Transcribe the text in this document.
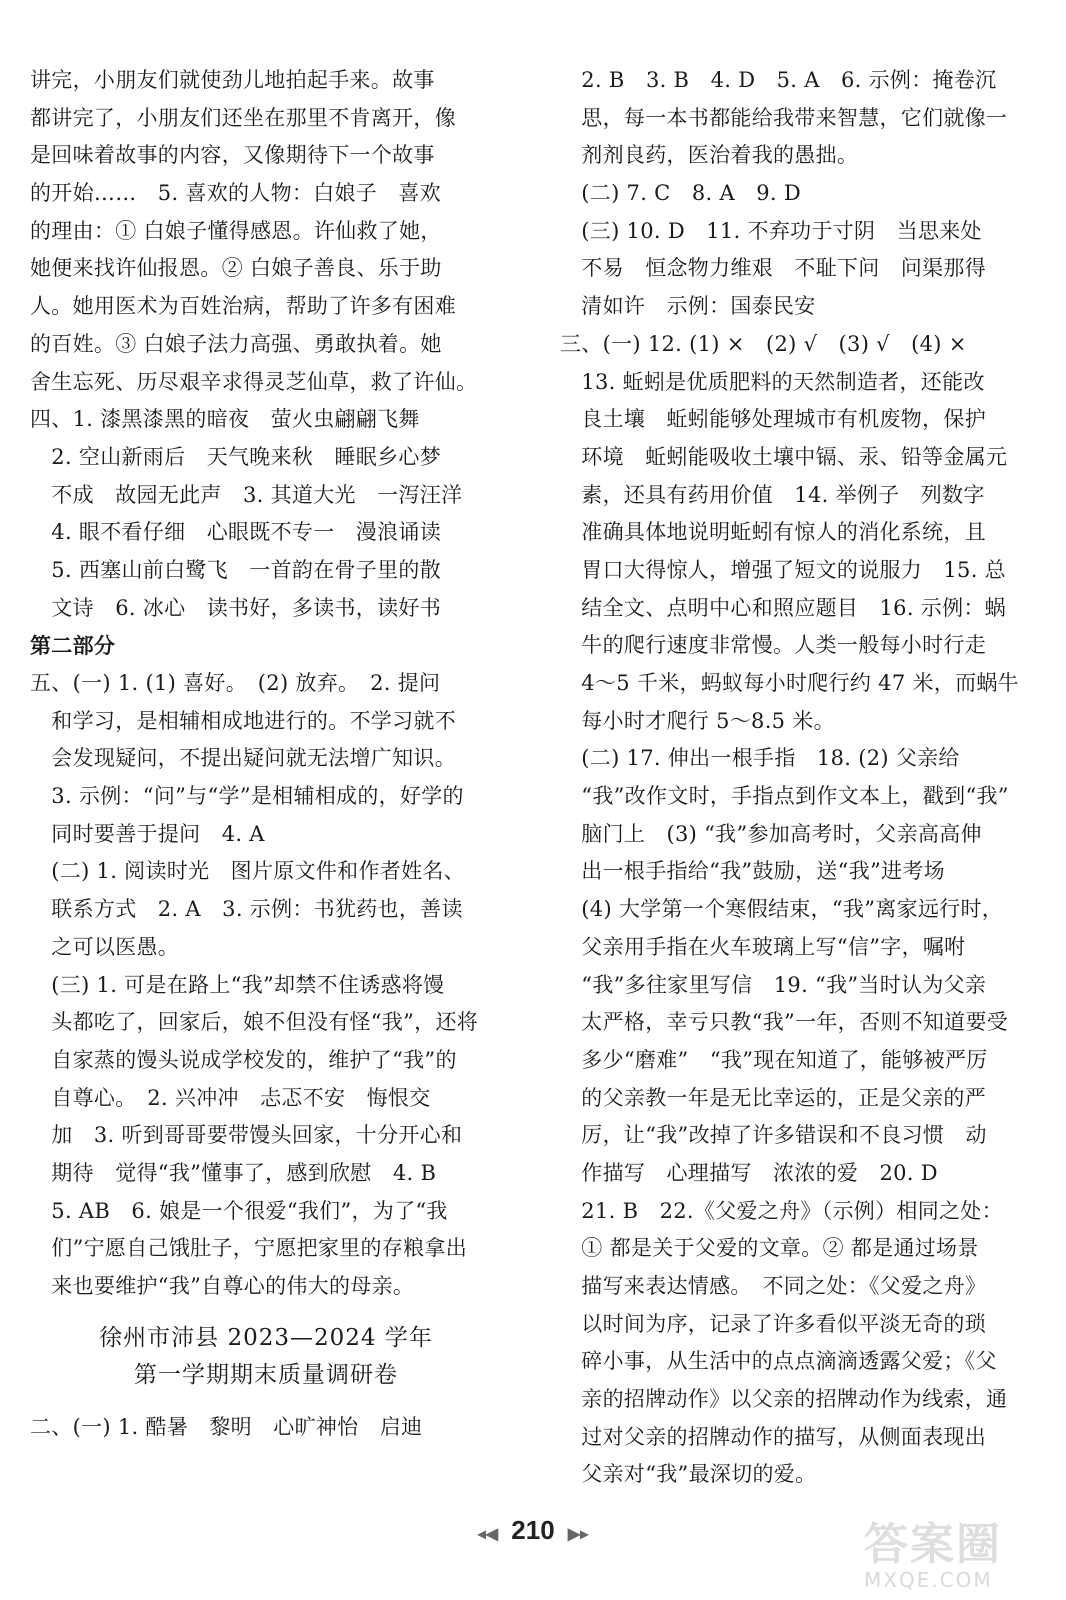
讲完，小朋友们就使劲儿地拍起手来。故事
都讲完了，小朋友们还坐在那里不肯离开，像
是回味着故事的内容，又像期待下一个故事
的开始……　5. 喜欢的人物：白娘子　喜欢
的理由：① 白娘子懂得感恩。许仙救了她，
她便来找许仙报恩。② 白娘子善良、乐于助
人。她用医术为百姓治病，帮助了许多有困难
的百姓。③ 白娘子法力高强、勇敢执着。她
舍生忘死、历尽艰辛求得灵芝仙草，救了许仙。
四、1. 漆黑漆黑的暗夜　萤火虫翩翩飞舞
　2. 空山新雨后　天气晚来秋　睡眠乡心梦
　不成　故园无此声　3. 其道大光　一泻汪洋
　4. 眼不看仔细　心眼既不专一　漫浪诵读
　5. 西塞山前白鹭飞　一首韵在骨子里的散
　文诗　6. 冰心　读书好，多读书，读好书
第二部分
五、(一) 1. (1) 喜好。　(2) 放弃。　2. 提问
　和学习，是相辅相成地进行的。不学习就不
　会发现疑问，不提出疑问就无法增广知识。
　3. 示例：“问”与“学”是相辅相成的，好学的
　同时要善于提问　4. A
　(二) 1. 阅读时光　图片原文件和作者姓名、
　联系方式　2. A　3. 示例：书犹药也，善读
　之可以医愚。
　(三) 1. 可是在路上“我”却禁不住诱惑将馒
　头都吃了，回家后，娘不但没有怪“我”，还将
　自家蒸的馒头说成学校发的，维护了“我”的
　自尊心。　2. 兴冲冲　忐忑不安　悔恨交
　加　3. 听到哥哥要带馒头回家，十分开心和
　期待　觉得“我”懂事了，感到欣慰　4. B
　5. AB　6. 娘是一个很爱“我们”，为了“我
　们”宁愿自己饿肚子，宁愿把家里的存粮拿出
　来也要维护“我”自尊心的伟大的母亲。
徐州市沛县 2023—2024 学年
第一学期期末质量调研卷
二、(一) 1. 酷暑　黎明　心旷神怡　启迪
　2. B　3. B　4. D　5. A　6. 示例：掩卷沉
　思，每一本书都能给我带来智慧，它们就像一
　剂剂良药，医治着我的愚拙。
　(二) 7. C　8. A　9. D
　(三) 10. D　11. 不弃功于寸阴　当思来处
　不易　恒念物力维艰　不耻下问　问渠那得
　清如许　示例：国泰民安
三、(一) 12. (1) ×　(2) √　(3) √　(4) ×
　13. 蚯蚓是优质肥料的天然制造者，还能改
　良土壤　蚯蚓能够处理城市有机废物，保护
　环境　蚯蚓能吸收土壤中镉、汞、铅等金属元
　素，还具有药用价值　14. 举例子　列数字
　准确具体地说明蚯蚓有惊人的消化系统，且
　胃口大得惊人，增强了短文的说服力　15. 总
　结全文、点明中心和照应题目　16. 示例：蜗
　牛的爬行速度非常慢。人类一般每小时行走
　4～5 千米，蚂蚁每小时爬行约 47 米，而蜗牛
　每小时才爬行 5～8.5 米。
　(二) 17. 伸出一根手指　18. (2) 父亲给
　“我”改作文时，手指点到作文本上，戳到“我”
　脑门上　(3) “我”参加高考时，父亲高高伸
　出一根手指给“我”鼓励，送“我”进考场
　(4) 大学第一个寒假结束，“我”离家远行时，
　父亲用手指在火车玻璃上写“信”字，嘱咐
　“我”多往家里写信　19. “我”当时认为父亲
　太严格，幸亏只教“我”一年，否则不知道要受
　多少“磨难”　“我”现在知道了，能够被严厉
　的父亲教一年是无比幸运的，正是父亲的严
　厉，让“我”改掉了许多错误和不良习惯　动
　作描写　心理描写　浓浓的爱　20. D
　21. B　22.《父爱之舟》（示例）相同之处：
　① 都是关于父爱的文章。② 都是通过场景
　描写来表达情感。　不同之处：《父爱之舟》
　以时间为序，记录了许多看似平淡无奇的琐
　碎小事，从生活中的点点滴滴透露父爱；《父
　亲的招牌动作》以父亲的招牌动作为线索，通
　过对父亲的招牌动作的描写，从侧面表现出
　父亲对“我”最深切的爱。
◂◀ 210 ▶▸	答案圈
MXQE.COM
